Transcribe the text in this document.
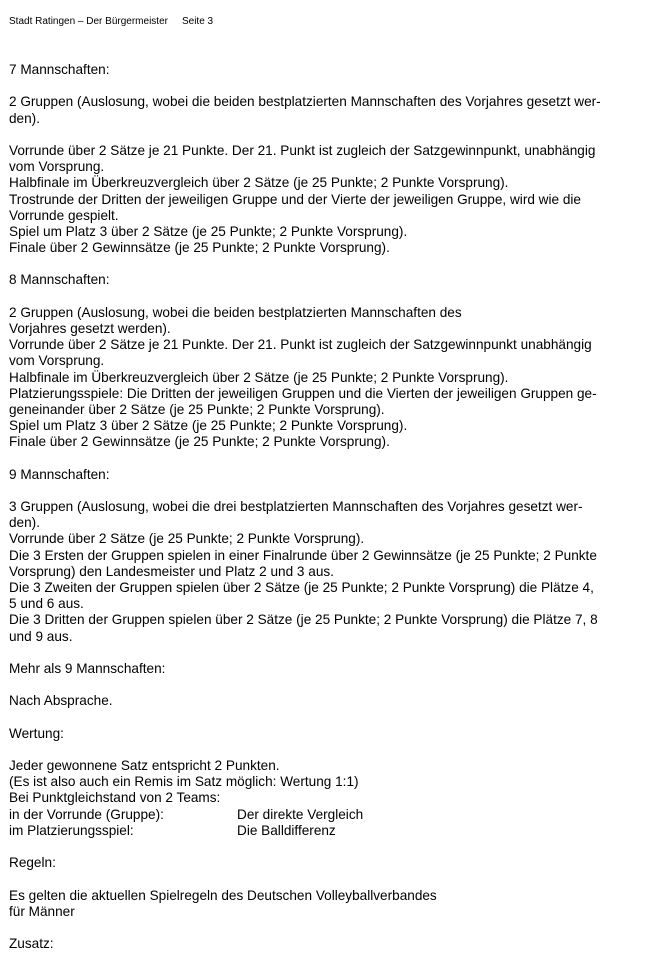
Stadt Ratingen – Der Bürgermeister Seite 3
7 Mannschaften:
2 Gruppen (Auslosung, wobei die beiden bestplatzierten Mannschaften des Vorjahres gesetzt wer-
den).
Vorrunde über 2 Sätze je 21 Punkte. Der 21. Punkt ist zugleich der Satzgewinnpunkt, unabhängig
vom Vorsprung.
Halbfinale im Überkreuzvergleich über 2 Sätze (je 25 Punkte; 2 Punkte Vorsprung).
Trostrunde der Dritten der jeweiligen Gruppe und der Vierte der jeweiligen Gruppe, wird wie die
Vorrunde gespielt.
Spiel um Platz 3 über 2 Sätze (je 25 Punkte; 2 Punkte Vorsprung).
Finale über 2 Gewinnsätze (je 25 Punkte; 2 Punkte Vorsprung).
8 Mannschaften:
2 Gruppen (Auslosung, wobei die beiden bestplatzierten Mannschaften des
Vorjahres gesetzt werden).
Vorrunde über 2 Sätze je 21 Punkte. Der 21. Punkt ist zugleich der Satzgewinnpunkt unabhängig
vom Vorsprung.
Halbfinale im Überkreuzvergleich über 2 Sätze (je 25 Punkte; 2 Punkte Vorsprung).
Platzierungsspiele: Die Dritten der jeweiligen Gruppen und die Vierten der jeweiligen Gruppen ge-
geneinander über 2 Sätze (je 25 Punkte; 2 Punkte Vorsprung).
Spiel um Platz 3 über 2 Sätze (je 25 Punkte; 2 Punkte Vorsprung).
Finale über 2 Gewinnsätze (je 25 Punkte; 2 Punkte Vorsprung).
9 Mannschaften:
3 Gruppen (Auslosung, wobei die drei bestplatzierten Mannschaften des Vorjahres gesetzt wer-
den).
Vorrunde über 2 Sätze (je 25 Punkte; 2 Punkte Vorsprung).
Die 3 Ersten der Gruppen spielen in einer Finalrunde über 2 Gewinnsätze (je 25 Punkte; 2 Punkte
Vorsprung) den Landesmeister und Platz 2 und 3 aus.
Die 3 Zweiten der Gruppen spielen über 2 Sätze (je 25 Punkte; 2 Punkte Vorsprung) die Plätze 4,
5 und 6 aus.
Die 3 Dritten der Gruppen spielen über 2 Sätze (je 25 Punkte; 2 Punkte Vorsprung) die Plätze 7, 8
und 9 aus.
Mehr als 9 Mannschaften:
Nach Absprache.
Wertung:
Jeder gewonnene Satz entspricht 2 Punkten.
(Es ist also auch ein Remis im Satz möglich: Wertung 1:1)
Bei Punktgleichstand von 2 Teams:
in der Vorrunde (Gruppe):	Der direkte Vergleich
im Platzierungsspiel:	Die Balldifferenz
Regeln:
Es gelten die aktuellen Spielregeln des Deutschen Volleyballverbandes
für Männer
Zusatz:
